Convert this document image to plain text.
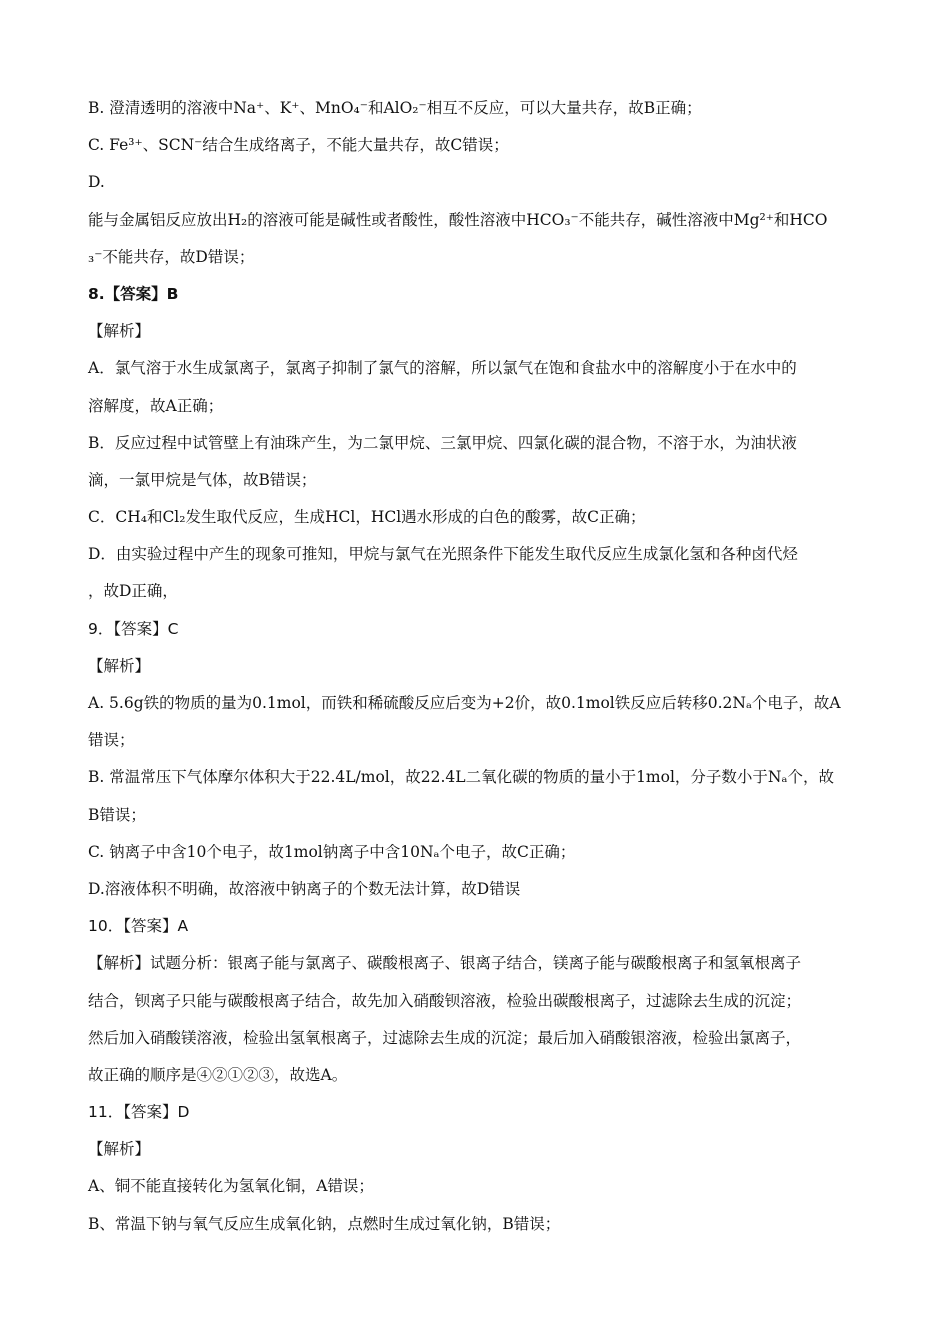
B. 澄清透明的溶液中Na⁺、K⁺、MnO₄⁻和AlO₂⁻相互不反应，可以大量共存，故B正确；
C. Fe³⁺、SCN⁻结合生成络离子，不能大量共存，故C错误；
D.
能与金属铝反应放出H₂的溶液可能是碱性或者酸性，酸性溶液中HCO₃⁻不能共存，碱性溶液中Mg²⁺和HCO
₃⁻不能共存，故D错误；
8.【答案】B
【解析】
A．氯气溶于水生成氯离子，氯离子抑制了氯气的溶解，所以氯气在饱和食盐水中的溶解度小于在水中的
溶解度，故A正确；
B．反应过程中试管壁上有油珠产生，为二氯甲烷、三氯甲烷、四氯化碳的混合物，不溶于水，为油状液
滴，一氯甲烷是气体，故B错误；
C．CH₄和Cl₂发生取代反应，生成HCl，HCl遇水形成的白色的酸雾，故C正确；
D．由实验过程中产生的现象可推知，甲烷与氯气在光照条件下能发生取代反应生成氯化氢和各种卤代烃
，故D正确，
9．【答案】C
【解析】
A. 5.6g铁的物质的量为0.1mol，而铁和稀硫酸反应后变为+2价，故0.1mol铁反应后转移0.2Nₐ个电子，故A
错误；
B. 常温常压下气体摩尔体积大于22.4L/mol，故22.4L二氧化碳的物质的量小于1mol，分子数小于Nₐ个，故
B错误；
C. 钠离子中含10个电子，故1mol钠离子中含10Nₐ个电子，故C正确；
D.溶液体积不明确，故溶液中钠离子的个数无法计算，故D错误
10．【答案】A
【解析】试题分析：银离子能与氯离子、碳酸根离子、银离子结合，镁离子能与碳酸根离子和氢氧根离子
结合，钡离子只能与碳酸根离子结合，故先加入硝酸钡溶液，检验出碳酸根离子，过滤除去生成的沉淀；
然后加入硝酸镁溶液，检验出氢氧根离子，过滤除去生成的沉淀；最后加入硝酸银溶液，检验出氯离子，
故正确的顺序是④②①②③，故选A。
11．【答案】D
【解析】
A、铜不能直接转化为氢氧化铜，A错误；
B、常温下钠与氧气反应生成氧化钠，点燃时生成过氧化钠，B错误；
